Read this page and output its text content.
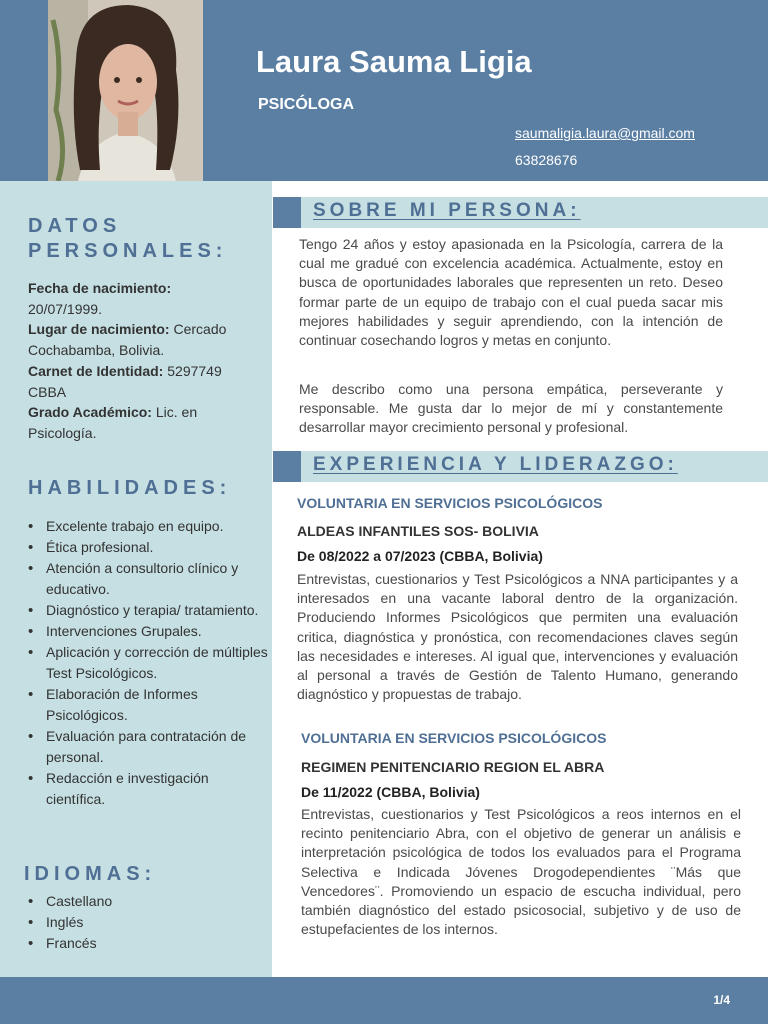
Laura Sauma Ligia
PSICÓLOGA
saumaligia.laura@gmail.com
63828676
DATOS
PERSONALES:
Fecha de nacimiento:
20/07/1999.
Lugar de nacimiento: Cercado Cochabamba, Bolivia.
Carnet de Identidad: 5297749 CBBA
Grado Académico: Lic. en Psicología.
HABILIDADES:
• Excelente trabajo en equipo.
• Ética profesional.
• Atención a consultorio clínico y educativo.
• Diagnóstico y terapia/ tratamiento.
• Intervenciones Grupales.
• Aplicación y corrección de múltiples Test Psicológicos.
• Elaboración de Informes Psicológicos.
• Evaluación para contratación de personal.
• Redacción e investigación científica.
IDIOMAS:
• Castellano
• Inglés
• Francés
SOBRE MI PERSONA:
Tengo 24 años y estoy apasionada en la Psicología, carrera de la cual me gradué con excelencia académica. Actualmente, estoy en busca de oportunidades laborales que representen un reto. Deseo formar parte de un equipo de trabajo con el cual pueda sacar mis mejores habilidades y seguir aprendiendo, con la intención de continuar cosechando logros y metas en conjunto.
Me describo como una persona empática, perseverante y responsable. Me gusta dar lo mejor de mí y constantemente desarrollar mayor crecimiento personal y profesional.
EXPERIENCIA Y LIDERAZGO:
VOLUNTARIA EN SERVICIOS PSICOLÓGICOS
ALDEAS INFANTILES SOS- BOLIVIA
De 08/2022 a 07/2023 (CBBA, Bolivia)
Entrevistas, cuestionarios y Test Psicológicos a NNA participantes y a interesados en una vacante laboral dentro de la organización. Produciendo Informes Psicológicos que permiten una evaluación critica, diagnóstica y pronóstica, con recomendaciones claves según las necesidades e intereses. Al igual que, intervenciones y evaluación al personal a través de Gestión de Talento Humano, generando diagnóstico y propuestas de trabajo.
VOLUNTARIA EN SERVICIOS PSICOLÓGICOS
REGIMEN PENITENCIARIO REGION EL ABRA
De 11/2022 (CBBA, Bolivia)
Entrevistas, cuestionarios y Test Psicológicos a reos internos en el recinto penitenciario Abra, con el objetivo de generar un análisis e interpretación psicológica de todos los evaluados para el Programa Selectiva e Indicada Jóvenes Drogodependientes ¨Más que Vencedores¨. Promoviendo un espacio de escucha individual, pero también diagnóstico del estado psicosocial, subjetivo y de uso de estupefacientes de los internos.
1/4
